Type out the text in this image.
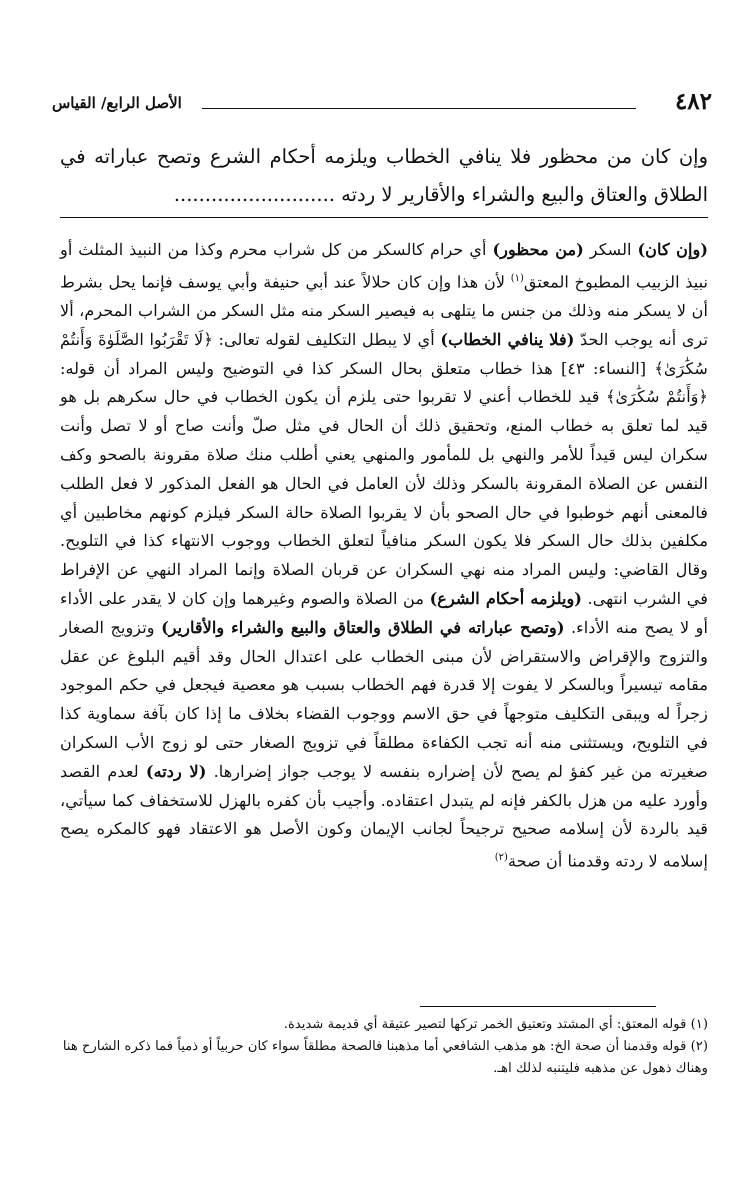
٤٨٢
الأصل الرابع/ القياس
وإن كان من محظور فلا ينافي الخطاب ويلزمه أحكام الشرع وتصح عباراته في الطلاق والعتاق والبيع والشراء والأقارير لا ردته ..........................

(وإن كان) السكر (من محظور) أي حرام كالسكر من كل شراب محرم وكذا من النبيذ المثلث أو نبيذ الزبيب المطبوخ المعتق$^{(١)}$ لأن هذا وإن كان حلالاً عند أبي حنيفة وأبي يوسف فإنما يحل بشرط أن لا يسكر منه وذلك من جنس ما يتلهى به فيصير السكر منه مثل السكر من الشراب المحرم، ألا ترى أنه يوجب الحدّ (فلا ينافي الخطاب) أي لا يبطل التكليف لقوله تعالى: ﴿لَا تَقْرَبُوا الصَّلَوٰةَ وَأَنتُمْ سُكَٰرَىٰ﴾ [النساء: ٤٣] هذا خطاب متعلق بحال السكر كذا في التوضيح وليس المراد أن قوله: ﴿وَأَنتُمْ سُكَٰرَىٰ﴾ قيد للخطاب أعني لا تقربوا حتى يلزم أن يكون الخطاب في حال سكرهم بل هو قيد لما تعلق به خطاب المنع، وتحقيق ذلك أن الحال في مثل صلّ وأنت صاح أو لا تصل وأنت سكران ليس قيداً للأمر والنهي بل للمأمور والمنهي يعني أطلب منك صلاة مقرونة بالصحو وكف النفس عن الصلاة المقرونة بالسكر وذلك لأن العامل في الحال هو الفعل المذكور لا فعل الطلب فالمعنى أنهم خوطبوا في حال الصحو بأن لا يقربوا الصلاة حالة السكر فيلزم كونهم مخاطبين أي مكلفين بذلك حال السكر فلا يكون السكر منافياً لتعلق الخطاب ووجوب الانتهاء كذا في التلويح. وقال القاضي: وليس المراد منه نهي السكران عن قربان الصلاة وإنما المراد النهي عن الإفراط في الشرب انتهى. (ويلزمه أحكام الشرع) من الصلاة والصوم وغيرهما وإن كان لا يقدر على الأداء أو لا يصح منه الأداء. (وتصح عباراته في الطلاق والعتاق والبيع والشراء والأقارير) وتزويج الصغار والتزوج والإقراض والاستقراض لأن مبنى الخطاب على اعتدال الحال وقد أقيم البلوغ عن عقل مقامه تيسيراً وبالسكر لا يفوت إلا قدرة فهم الخطاب بسبب هو معصية فيجعل في حكم الموجود زجراً له ويبقى التكليف متوجهاً في حق الاسم ووجوب القضاء بخلاف ما إذا كان بآفة سماوية كذا في التلويح، ويستثنى منه أنه تجب الكفاءة مطلقاً في تزويج الصغار حتى لو زوج الأب السكران صغيرته من غير كفؤ لم يصح لأن إضراره بنفسه لا يوجب جواز إضرارها. (لا ردته) لعدم القصد وأورد عليه من هزل بالكفر فإنه لم يتبدل اعتقاده. وأجيب بأن كفره بالهزل للاستخفاف كما سيأتي، قيد بالردة لأن إسلامه صحيح ترجيحاً لجانب الإيمان وكون الأصل هو الاعتقاد فهو كالمكره يصح إسلامه لا ردته وقدمنا أن صحة$^{(٢)}$

(١) قوله المعتق: أي المشتد وتعتيق الخمر تركها لتصير عتيقة أي قديمة شديدة.

(٢) قوله وقدمنا أن صحة الخ: هو مذهب الشافعي أما مذهبنا فالصحة مطلقاً سواء كان حربياً أو ذمياً فما ذكره الشارح هنا وهناك ذهول عن مذهبه فليتنبه لذلك اهـ.
